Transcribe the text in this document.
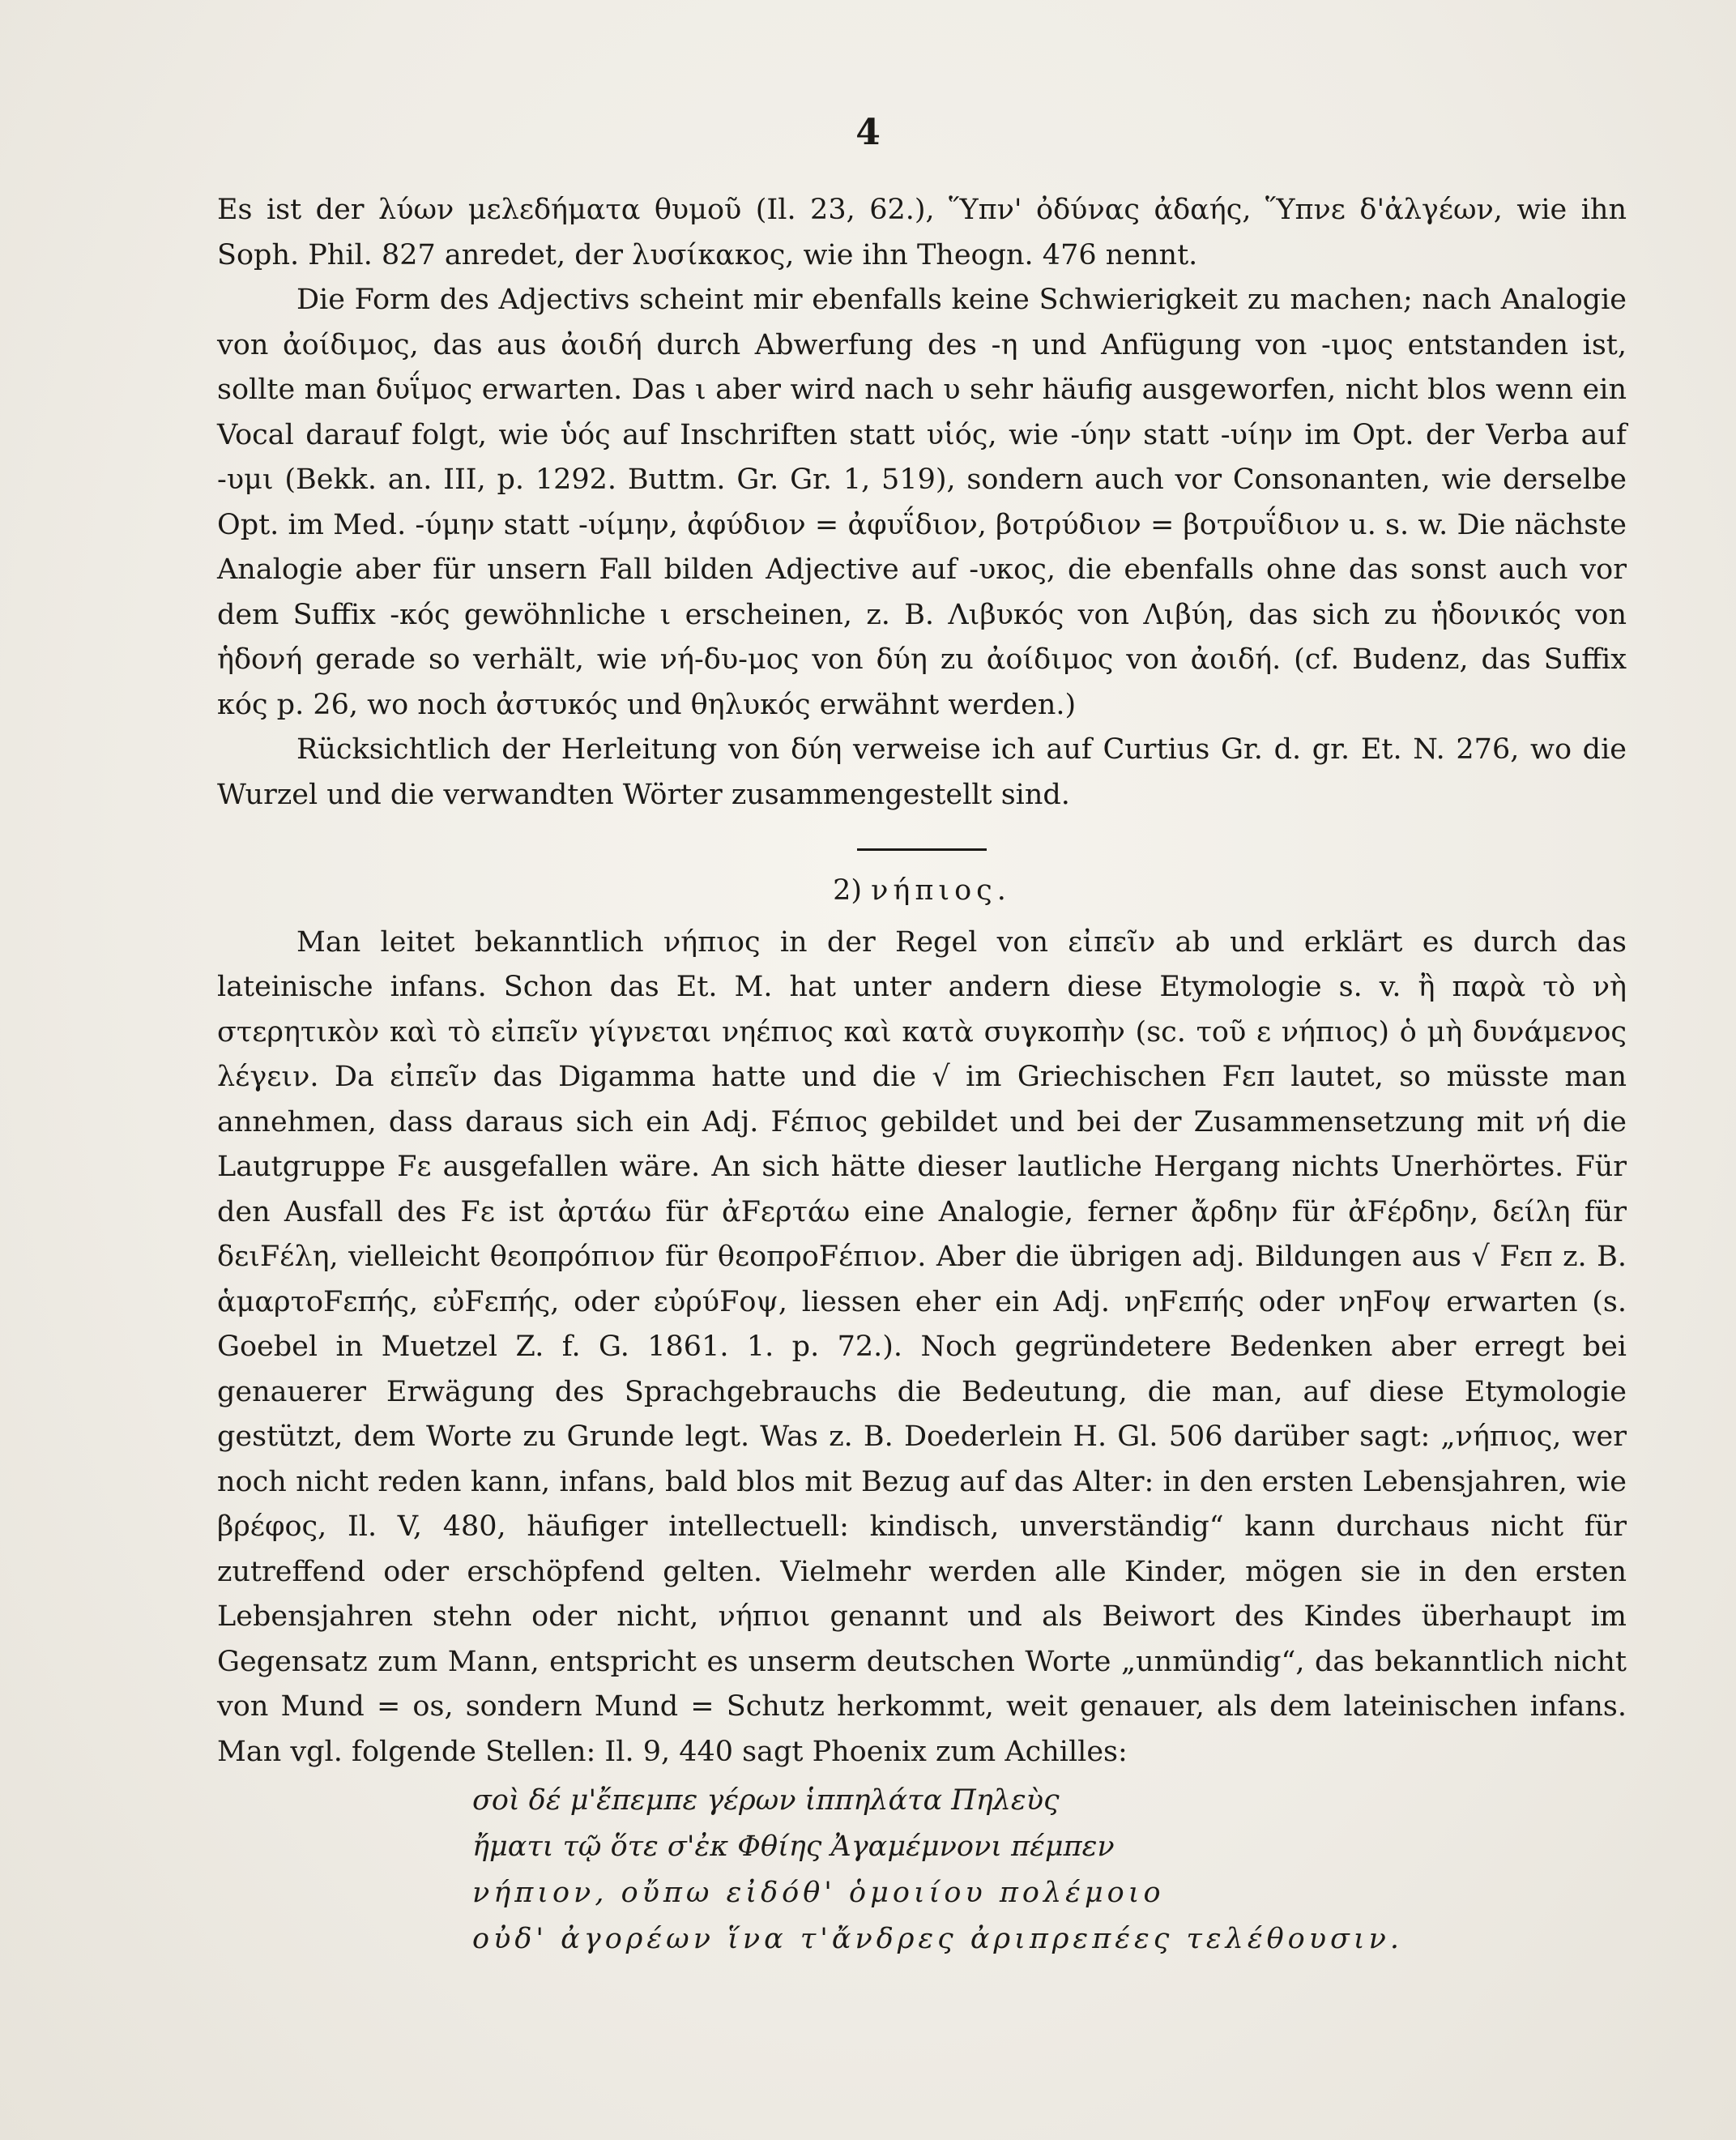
4

Es ist der λύων μελεδήματα θυμοῦ (Il. 23, 62.), Ὕπν' ὀδύνας ἀδαής, Ὕπνε δ'ἀλγέων, wie ihn Soph. Phil. 827 anredet, der λυσίκακος, wie ihn Theogn. 476 nennt.

Die Form des Adjectivs scheint mir ebenfalls keine Schwierigkeit zu machen; nach Analogie von ἀοίδιμος, das aus ἀοιδή durch Abwerfung des -η und Anfügung von -ιμος entstanden ist, sollte man δυΐμος erwarten. Das ι aber wird nach υ sehr häufig ausgeworfen, nicht blos wenn ein Vocal darauf folgt, wie ὑός auf Inschriften statt υἱός, wie -ύην statt -υίην im Opt. der Verba auf -υμι (Bekk. an. III, p. 1292. Buttm. Gr. Gr. 1, 519), sondern auch vor Consonanten, wie derselbe Opt. im Med. -ύμην statt -υίμην, ἀφύδιον = ἀφυΐδιον, βοτρύδιον = βοτρυΐδιον u. s. w. Die nächste Analogie aber für unsern Fall bilden Adjective auf -υκος, die ebenfalls ohne das sonst auch vor dem Suffix -κός gewöhnliche ι erscheinen, z. B. Λιβυκός von Λιβύη, das sich zu ἡδονικός von ἡδονή gerade so verhält, wie νή-δυ-μος von δύη zu ἀοίδιμος von ἀοιδή. (cf. Budenz, das Suffix κός p. 26, wo noch ἀστυκός und θηλυκός erwähnt werden.)

Rücksichtlich der Herleitung von δύη verweise ich auf Curtius Gr. d. gr. Et. N. 276, wo die Wurzel und die verwandten Wörter zusammengestellt sind.

2) νήπιος.

Man leitet bekanntlich νήπιος in der Regel von εἰπεῖν ab und erklärt es durch das lateinische infans. Schon das Et. M. hat unter andern diese Etymologie s. v. ἢ παρὰ τὸ νὴ στερητικὸν καὶ τὸ εἰπεῖν γίγνεται νηέπιος καὶ κατὰ συγκοπὴν (sc. τοῦ ε νήπιος) ὁ μὴ δυνάμενος λέγειν. Da εἰπεῖν das Digamma hatte und die √ im Griechischen Fεπ lautet, so müsste man annehmen, dass daraus sich ein Adj. Fέπιος gebildet und bei der Zusammensetzung mit νή die Lautgruppe Fε ausgefallen wäre. An sich hätte dieser lautliche Hergang nichts Unerhörtes. Für den Ausfall des Fε ist ἀρτάω für ἀFερτάω eine Analogie, ferner ἄρδην für ἀFέρδην, δείλη für δειFέλη, vielleicht θεοπρόπιον für θεοπροFέπιον. Aber die übrigen adj. Bildungen aus √ Fεπ z. B. ἁμαρτοFεπής, εὐFεπής, oder εὐρύFοψ, liessen eher ein Adj. νηFεπής oder νηFοψ erwarten (s. Goebel in Muetzel Z. f. G. 1861. 1. p. 72.). Noch gegründetere Bedenken aber erregt bei genauerer Erwägung des Sprachgebrauchs die Bedeutung, die man, auf diese Etymologie gestützt, dem Worte zu Grunde legt. Was z. B. Doederlein H. Gl. 506 darüber sagt: „νήπιος, wer noch nicht reden kann, infans, bald blos mit Bezug auf das Alter: in den ersten Lebensjahren, wie βρέφος, Il. V, 480, häufiger intellectuell: kindisch, unverständig“ kann durchaus nicht für zutreffend oder erschöpfend gelten. Vielmehr werden alle Kinder, mögen sie in den ersten Lebensjahren stehn oder nicht, νήπιοι genannt und als Beiwort des Kindes überhaupt im Gegensatz zum Mann, entspricht es unserm deutschen Worte „unmündig“, das bekanntlich nicht von Mund = os, sondern Mund = Schutz herkommt, weit genauer, als dem lateinischen infans. Man vgl. folgende Stellen: Il. 9, 440 sagt Phoenix zum Achilles:

σοὶ δέ μ'ἔπεμπε γέρων ἱππηλάτα Πηλεὺς
ἤματι τῷ ὅτε σ'ἐκ Φθίης Ἀγαμέμνονι πέμπεν
νήπιον, οὔπω εἰδόθ' ὁμοιίου πολέμοιο
οὐδ' ἀγορέων ἵνα τ'ἄνδρες ἀριπρεπέες τελέθουσιν.
